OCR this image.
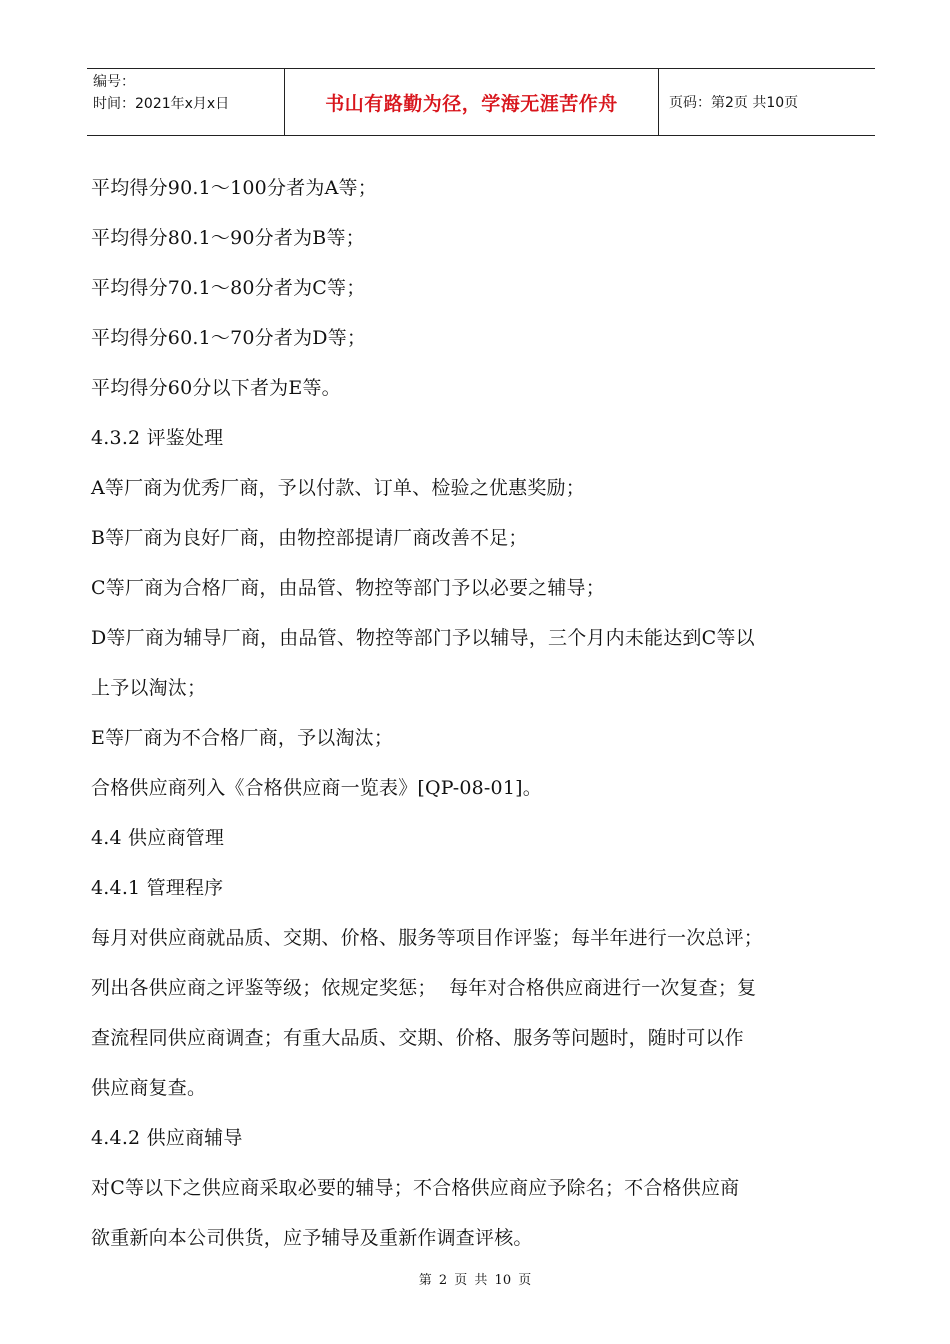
编号：
时间：2021年x月x日	书山有路勤为径，学海无涯苦作舟	页码：第2页 共10页
平均得分90.1～100分者为A等；
平均得分80.1～90分者为B等；
平均得分70.1～80分者为C等；
平均得分60.1～70分者为D等；
平均得分60分以下者为E等。
4.3.2 评鉴处理
A等厂商为优秀厂商，予以付款、订单、检验之优惠奖励；
B等厂商为良好厂商，由物控部提请厂商改善不足；
C等厂商为合格厂商，由品管、物控等部门予以必要之辅导；
D等厂商为辅导厂商，由品管、物控等部门予以辅导，三个月内未能达到C等以
上予以淘汰；
E等厂商为不合格厂商，予以淘汰；
合格供应商列入《合格供应商一览表》[QP-08-01]。
4.4 供应商管理
4.4.1 管理程序
每月对供应商就品质、交期、价格、服务等项目作评鉴；每半年进行一次总评；
列出各供应商之评鉴等级；依规定奖惩；  每年对合格供应商进行一次复查；复
查流程同供应商调查；有重大品质、交期、价格、服务等问题时，随时可以作
供应商复查。
4.4.2 供应商辅导
对C等以下之供应商采取必要的辅导；不合格供应商应予除名；不合格供应商
欲重新向本公司供货，应予辅导及重新作调查评核。
第 2 页 共 10 页
